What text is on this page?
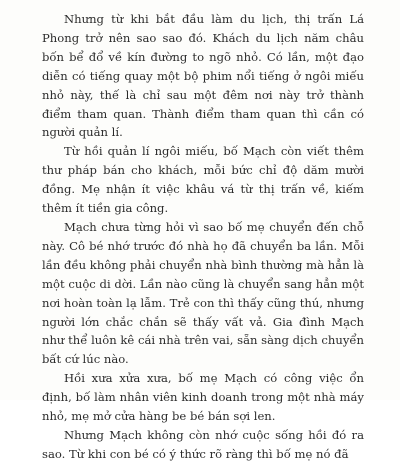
Nhưng từ khi bắt đầu làm du lịch, thị trấn Lá Phong trở nên sao sao đó. Khách du lịch năm châu bốn bể đổ về kín đường to ngõ nhỏ. Có lần, một đạo diễn có tiếng quay một bộ phim nổi tiếng ở ngôi miếu nhỏ này, thế là chỉ sau một đêm nơi này trở thành điểm tham quan. Thành điểm tham quan thì cần có người quản lí.

Từ hồi quản lí ngôi miếu, bố Mạch còn viết thêm thư pháp bán cho khách, mỗi bức chỉ độ dăm mười đồng. Mẹ nhận ít việc khâu vá từ thị trấn về, kiếm thêm ít tiền gia công.

Mạch chưa từng hỏi vì sao bố mẹ chuyển đến chỗ này. Cô bé nhớ trước đó nhà họ đã chuyển ba lần. Mỗi lần đều không phải chuyển nhà bình thường mà hẳn là một cuộc di dời. Lần nào cũng là chuyển sang hẳn một nơi hoàn toàn lạ lẫm. Trẻ con thì thấy cũng thú, nhưng người lớn chắc chắn sẽ thấy vất vả. Gia đình Mạch như thể luôn kê cái nhà trên vai, sẵn sàng dịch chuyển bất cứ lúc nào.

Hồi xưa xửa xưa, bố mẹ Mạch có công việc ổn định, bố làm nhân viên kinh doanh trong một nhà máy nhỏ, mẹ mở cửa hàng be bé bán sợi len.

Nhưng Mạch không còn nhớ cuộc sống hồi đó ra sao. Từ khi con bé có ý thức rõ ràng thì bố mẹ nó đã
